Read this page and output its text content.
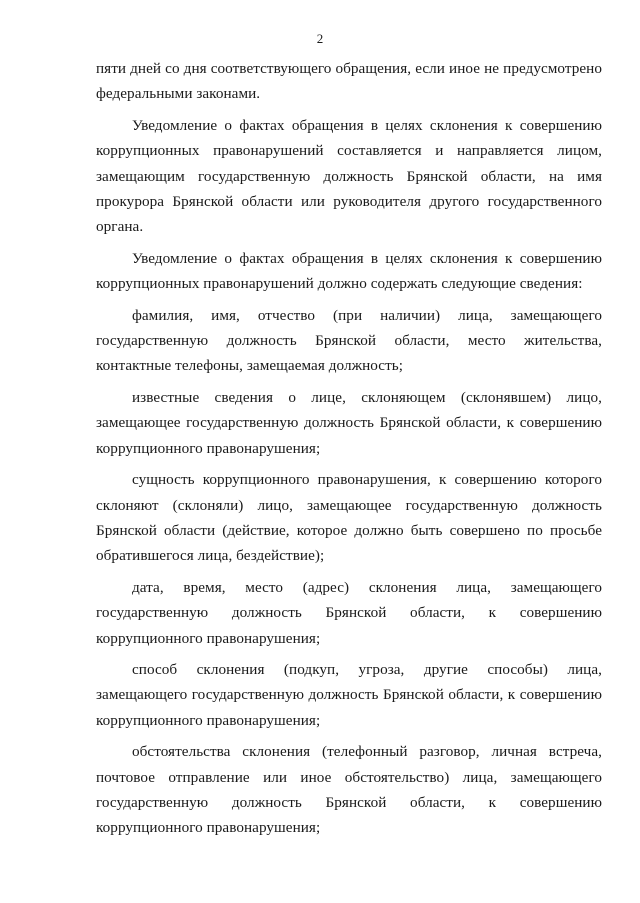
2

пяти дней со дня соответствующего обращения, если иное не предусмотрено федеральными законами.

Уведомление о фактах обращения в целях склонения к совершению коррупционных правонарушений составляется и направляется лицом, замещающим государственную должность Брянской области, на имя прокурора Брянской области или руководителя другого государственного органа.

Уведомление о фактах обращения в целях склонения к совершению коррупционных правонарушений должно содержать следующие сведения:

фамилия, имя, отчество (при наличии) лица, замещающего государственную должность Брянской области, место жительства, контактные телефоны, замещаемая должность;

известные сведения о лице, склоняющем (склонявшем) лицо, замещающее государственную должность Брянской области, к совершению коррупционного правонарушения;

сущность коррупционного правонарушения, к совершению которого склоняют (склоняли) лицо, замещающее государственную должность Брянской области (действие, которое должно быть совершено по просьбе обратившегося лица, бездействие);

дата, время, место (адрес) склонения лица, замещающего государственную должность Брянской области, к совершению коррупционного правонарушения;

способ склонения (подкуп, угроза, другие способы) лица, замещающего государственную должность Брянской области, к совершению коррупционного правонарушения;

обстоятельства склонения (телефонный разговор, личная встреча, почтовое отправление или иное обстоятельство) лица, замещающего государственную должность Брянской области, к совершению коррупционного правонарушения;
